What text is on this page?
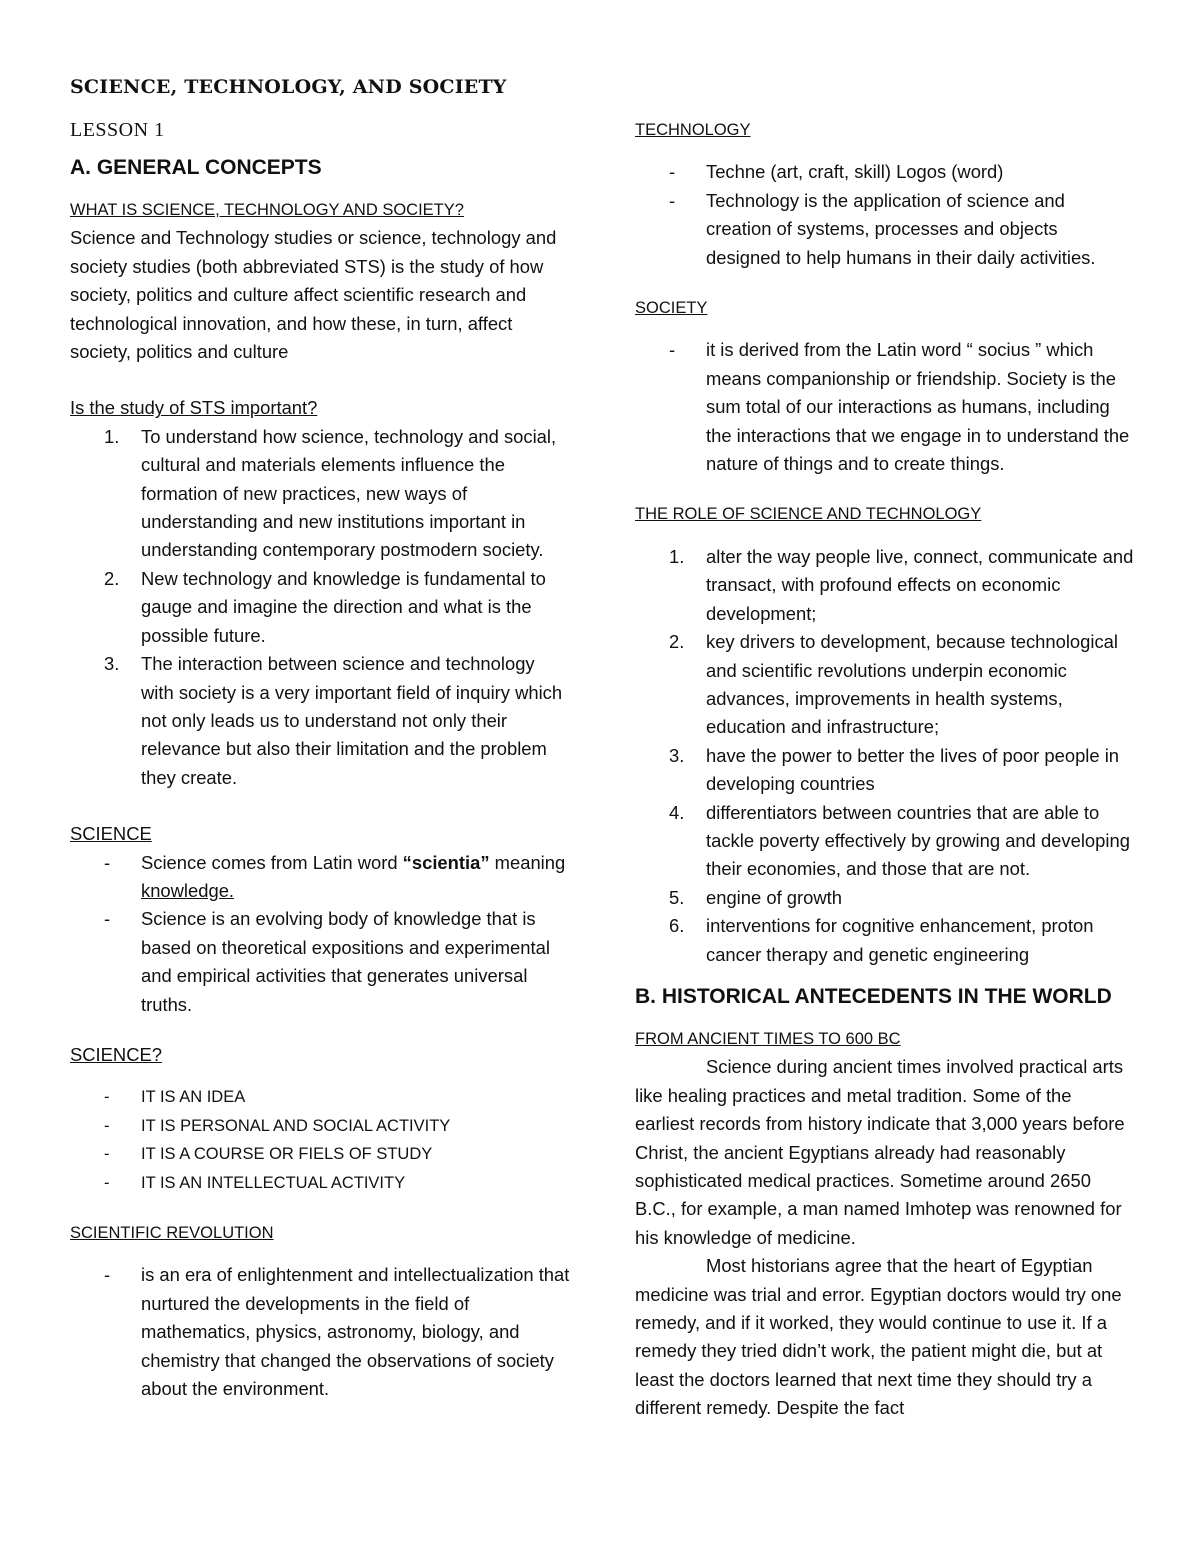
SCIENCE, TECHNOLOGY, AND SOCIETY

LESSON 1

A. GENERAL CONCEPTS

WHAT IS SCIENCE, TECHNOLOGY AND SOCIETY?

Science and Technology studies or science, technology and society studies (both abbreviated STS) is the study of how society, politics and culture affect scientific research and technological innovation, and how these, in turn, affect society, politics and culture

Is the study of STS important?

1. To understand how science, technology and social, cultural and materials elements influence the formation of new practices, new ways of understanding and new institutions important in understanding contemporary postmodern society.
2. New technology and knowledge is fundamental to gauge and imagine the direction and what is the possible future.
3. The interaction between science and technology with society is a very important field of inquiry which not only leads us to understand not only their relevance but also their limitation and the problem they create.

SCIENCE

- Science comes from Latin word “scientia” meaning knowledge.
- Science is an evolving body of knowledge that is based on theoretical expositions and experimental and empirical activities that generates universal truths.

SCIENCE?

- IT IS AN IDEA
- IT IS PERSONAL AND SOCIAL ACTIVITY
- IT IS A COURSE OR FIELS OF STUDY
- IT IS AN INTELLECTUAL ACTIVITY

SCIENTIFIC REVOLUTION

- is an era of enlightenment and intellectualization that nurtured the developments in the field of mathematics, physics, astronomy, biology, and chemistry that changed the observations of society about the environment.

TECHNOLOGY

- Techne (art, craft, skill) Logos (word)
- Technology is the application of science and creation of systems, processes and objects designed to help humans in their daily activities.

SOCIETY

- it is derived from the Latin word “ socius ” which means companionship or friendship. Society is the sum total of our interactions as humans, including the interactions that we engage in to understand the nature of things and to create things.

THE ROLE OF SCIENCE AND TECHNOLOGY

1. alter the way people live, connect, communicate and transact, with profound effects on economic development;
2. key drivers to development, because technological and scientific revolutions underpin economic advances, improvements in health systems, education and infrastructure;
3. have the power to better the lives of poor people in developing countries
4. differentiators between countries that are able to tackle poverty effectively by growing and developing their economies, and those that are not.
5. engine of growth
6. interventions for cognitive enhancement, proton cancer therapy and genetic engineering
B. HISTORICAL ANTECEDENTS IN THE WORLD

FROM ANCIENT TIMES TO 600 BC

Science during ancient times involved practical arts like healing practices and metal tradition. Some of the earliest records from history indicate that 3,000 years before Christ, the ancient Egyptians already had reasonably sophisticated medical practices. Sometime around 2650 B.C., for example, a man named Imhotep was renowned for his knowledge of medicine.

Most historians agree that the heart of Egyptian medicine was trial and error. Egyptian doctors would try one remedy, and if it worked, they would continue to use it. If a remedy they tried didn’t work, the patient might die, but at least the doctors learned that next time they should try a different remedy. Despite the fact
